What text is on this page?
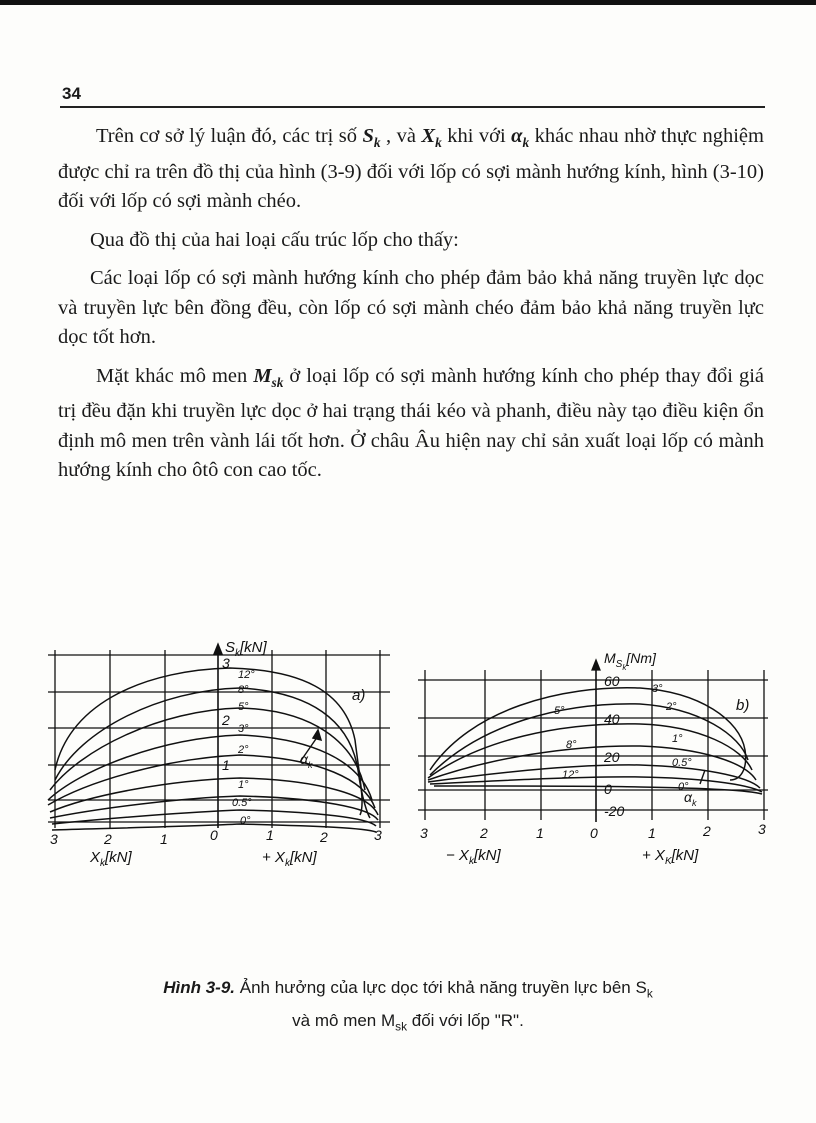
34

Trên cơ sở lý luận đó, các trị số $S_k$ , và $X_k$ khi với $\alpha_k$ khác nhau nhờ thực nghiệm được chỉ ra trên đồ thị của hình (3-9) đối với lốp có sợi mành hướng kính, hình (3-10) đối với lốp có sợi mành chéo.

Qua đồ thị của hai loại cấu trúc lốp cho thấy:

Các loại lốp có sợi mành hướng kính cho phép đảm bảo khả năng truyền lực dọc và truyền lực bên đồng đều, còn lốp có sợi mành chéo đảm bảo khả năng truyền lực dọc tốt hơn.

Mặt khác mô men $M_{sk}$ ở loại lốp có sợi mành hướng kính cho phép thay đổi giá trị đều đặn khi truyền lực dọc ở hai trạng thái kéo và phanh, điều này tạo điều kiện ổn định mô men trên vành lái tốt hơn. Ở châu Âu hiện nay chỉ sản xuất loại lốp có mành hướng kính cho ôtô con cao tốc.

$S_k[kN]$
3
2
1
a)
12°
8°
5°
3°
2°
1°
0.5°
0°
$\alpha_k$
3	2	1	0	1	2	3
$X_k[kN]$	+ $X_k[kN]$
$M_{Sk}[Nm]$
60
40
20
0
-20
b)
3°
2°
1°
0.5°
0°
5°
8°
12°
$\alpha_k$
3	2	1	0	1	2	3
− $X_k[kN]$	+ $X_K[kN]$
Hình 3-9. Ảnh hưởng của lực dọc tới khả năng truyền lực bên $S_k$
và mô men $M_{sk}$ đối với lốp "R".
